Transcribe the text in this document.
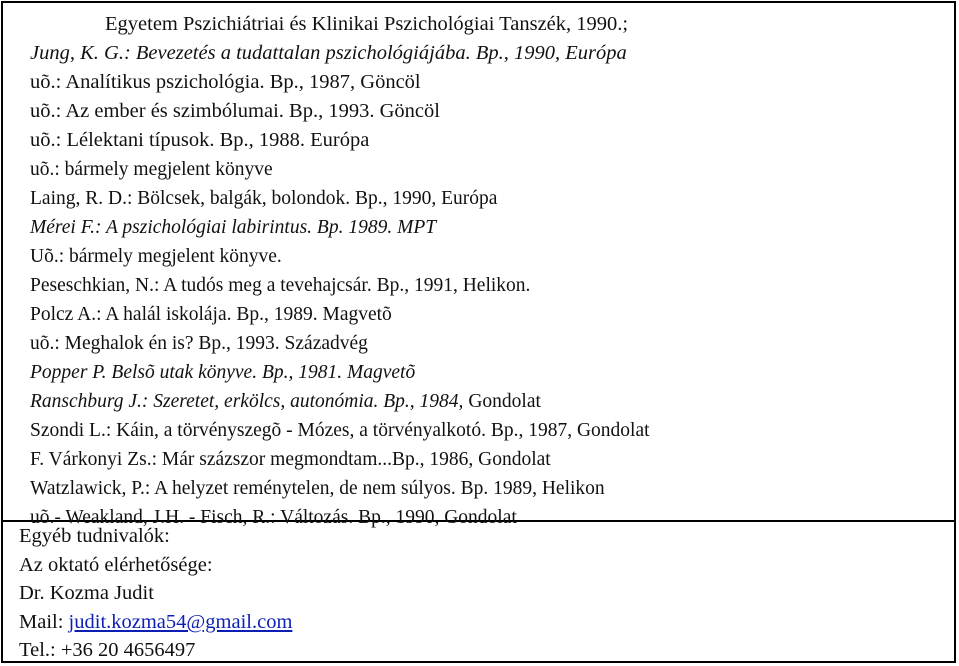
Egyetem Pszichiátriai és Klinikai Pszichológiai Tanszék, 1990.;
Jung, K. G.: Bevezetés a tudattalan pszichológiájába. Bp., 1990, Európa
uõ.: Analítikus pszichológia. Bp., 1987, Göncöl
uõ.: Az ember és szimbólumai. Bp., 1993. Göncöl
uõ.: Lélektani típusok. Bp., 1988. Európa
uõ.: bármely megjelent könyve
Laing, R. D.: Bölcsek, balgák, bolondok. Bp., 1990, Európa
Mérei F.: A pszichológiai labirintus. Bp. 1989. MPT
Uõ.: bármely megjelent könyve.
Peseschkian, N.: A tudós meg a tevehajcsár. Bp., 1991, Helikon.
Polcz A.: A halál iskolája. Bp., 1989. Magvetõ
uõ.: Meghalok én is? Bp., 1993. Századvég
Popper P. Belsõ utak könyve. Bp., 1981. Magvetõ
Ranschburg J.: Szeretet, erkölcs, autonómia. Bp., 1984, Gondolat
Szondi L.: Káin, a törvényszegõ - Mózes, a törvényalkotó. Bp., 1987, Gondolat
F. Várkonyi Zs.: Már százszor megmondtam...Bp., 1986, Gondolat
Watzlawick, P.: A helyzet reménytelen, de nem súlyos. Bp. 1989, Helikon
uõ.- Weakland, J.H. - Fisch, R.: Változás. Bp., 1990, Gondolat
Egyéb tudnivalók:
Az oktató elérhetősége:
Dr. Kozma Judit
Mail: judit.kozma54@gmail.com
Tel.: +36 20 4656497
